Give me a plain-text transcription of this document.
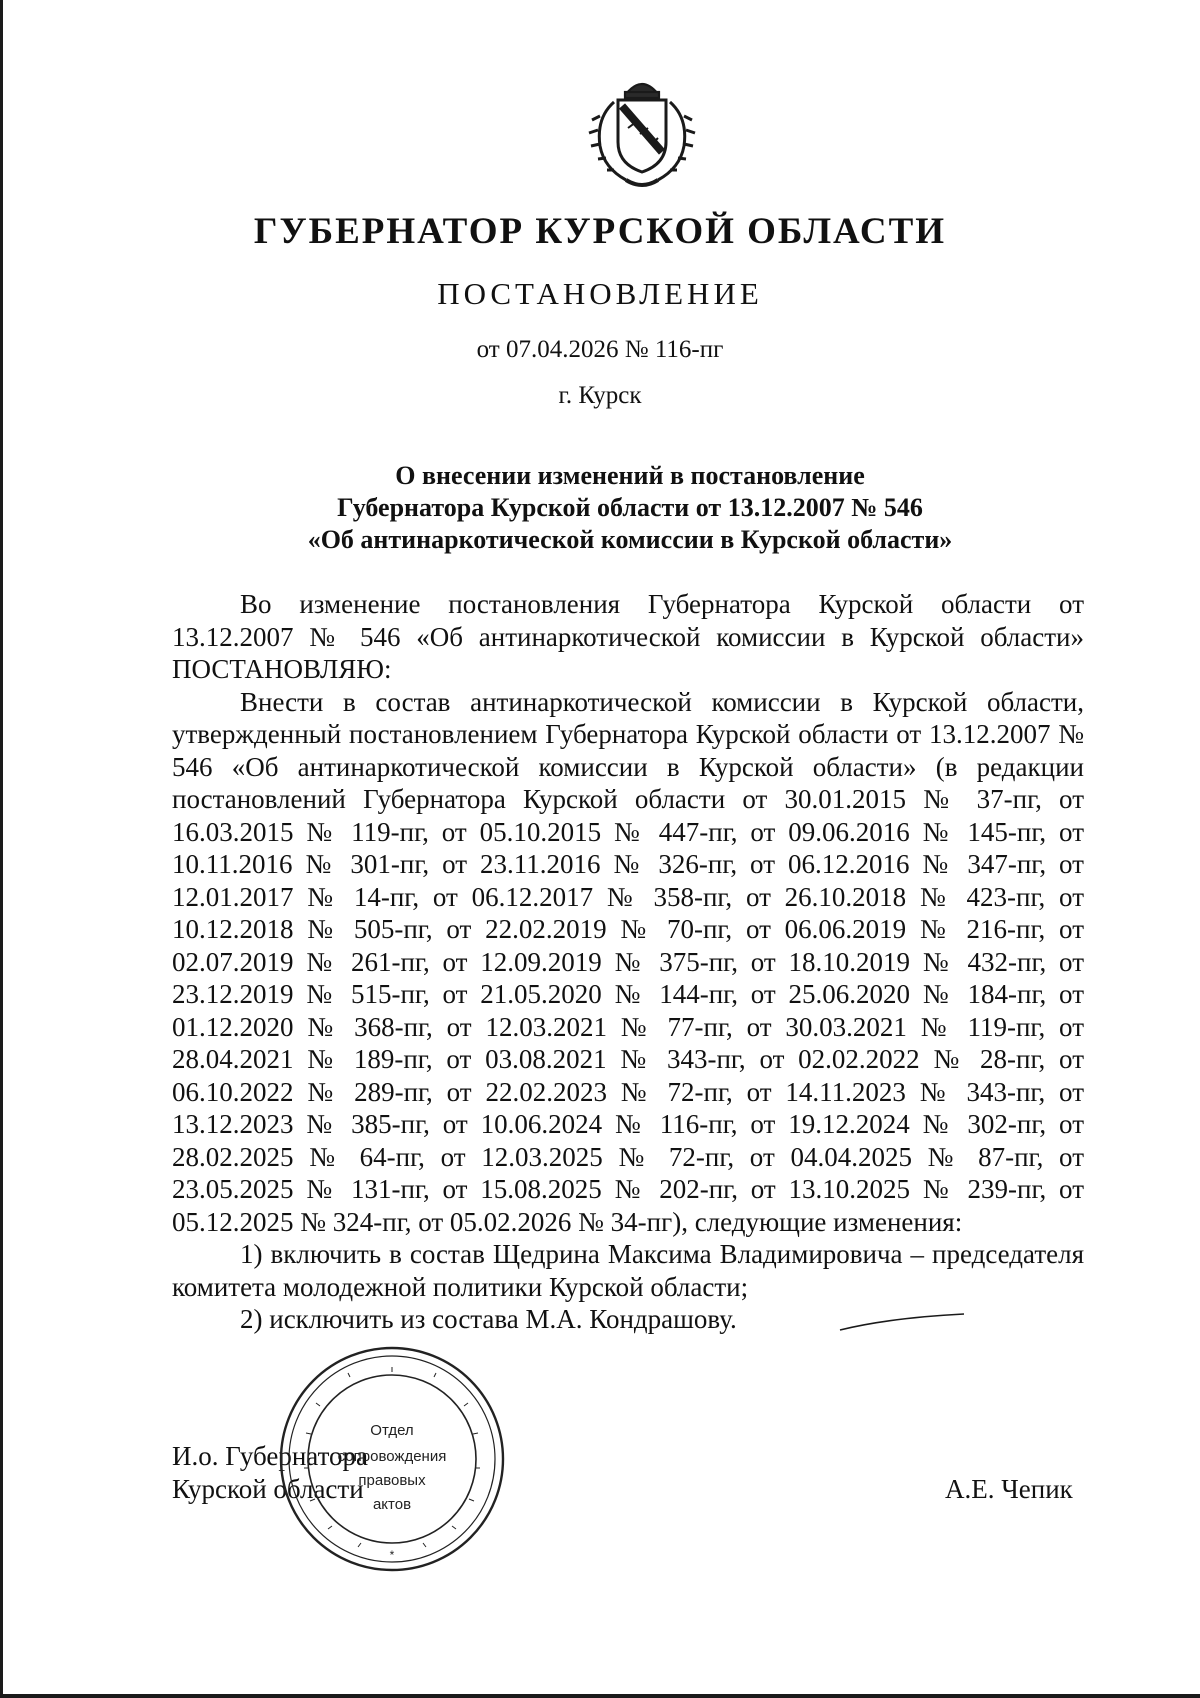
ГУБЕРНАТОР КУРСКОЙ ОБЛАСТИ
ПОСТАНОВЛЕНИЕ
от 07.04.2026 № 116-пг
г. Курск
О внесении изменений в постановление
Губернатора Курской области от 13.12.2007 № 546
«Об антинаркотической комиссии в Курской области»

Во изменение постановления Губернатора Курской области от 13.12.2007 № 546 «Об антинаркотической комиссии в Курской области» ПОСТАНОВЛЯЮ:

Внести в состав антинаркотической комиссии в Курской области, утвержденный постановлением Губернатора Курской области от 13.12.2007 № 546 «Об антинаркотической комиссии в Курской области» (в редакции постановлений Губернатора Курской области от 30.01.2015 № 37-пг, от 16.03.2015 № 119-пг, от 05.10.2015 № 447-пг, от 09.06.2016 № 145-пг, от 10.11.2016 № 301-пг, от 23.11.2016 № 326-пг, от 06.12.2016 № 347-пг, от 12.01.2017 № 14-пг, от 06.12.2017 № 358-пг, от 26.10.2018 № 423-пг, от 10.12.2018 № 505-пг, от 22.02.2019 № 70-пг, от 06.06.2019 № 216-пг, от 02.07.2019 № 261-пг, от 12.09.2019 № 375-пг, от 18.10.2019 № 432-пг, от 23.12.2019 № 515-пг, от 21.05.2020 № 144-пг, от 25.06.2020 № 184-пг, от 01.12.2020 № 368-пг, от 12.03.2021 № 77-пг, от 30.03.2021 № 119-пг, от 28.04.2021 № 189-пг, от 03.08.2021 № 343-пг, от 02.02.2022 № 28-пг, от 06.10.2022 № 289-пг, от 22.02.2023 № 72-пг, от 14.11.2023 № 343-пг, от 13.12.2023 № 385-пг, от 10.06.2024 № 116-пг, от 19.12.2024 № 302-пг, от 28.02.2025 № 64-пг, от 12.03.2025 № 72-пг, от 04.04.2025 № 87-пг, от 23.05.2025 № 131-пг, от 15.08.2025 № 202-пг, от 13.10.2025 № 239-пг, от 05.12.2025 № 324-пг, от 05.02.2026 № 34-пг), следующие изменения:

1) включить в состав Щедрина Максима Владимировича – председателя комитета молодежной политики Курской области;

2) исключить из состава М.А. Кондрашову.

И.о. Губернатора
Курской области	А.Е. Чепик
*
Отдел
сопровождения
правовых
актов
